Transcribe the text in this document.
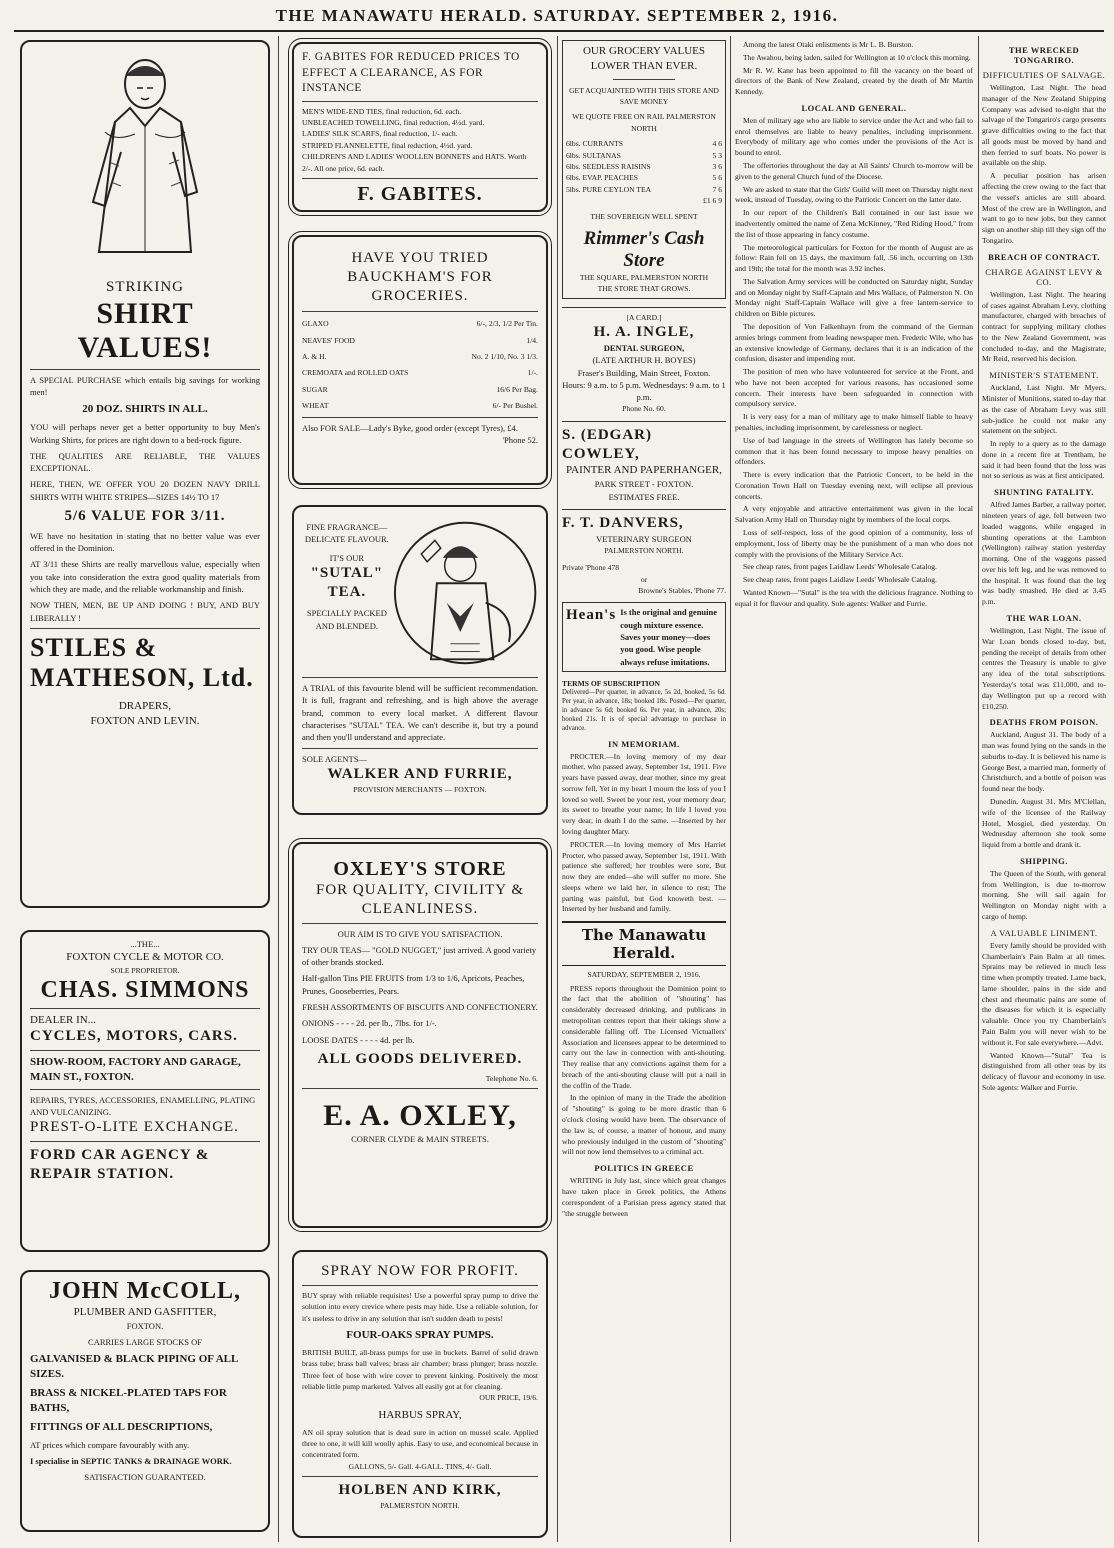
THE MANAWATU HERALD. SATURDAY. SEPTEMBER 2, 1916.
STRIKING
SHIRT VALUES!
A SPECIAL PURCHASE which entails big savings for working men!
20 DOZ. SHIRTS IN ALL.
YOU will perhaps never get a better opportunity to buy Men's Working Shirts, for prices are right down to a bed-rock figure.
THE QUALITIES ARE RELIABLE, THE VALUES EXCEPTIONAL.
HERE, THEN, WE OFFER YOU 20 DOZEN NAVY DRILL SHIRTS WITH WHITE STRIPES—SIZES 14½ TO 17
5/6 VALUE FOR 3/11.
WE have no hesitation in stating that no better value was ever offered in the Dominion.
AT 3/11 these Shirts are really marvellous value, especially when you take into consideration the extra good quality materials from which they are made, and the reliable workmanship and finish.
NOW THEN, MEN, BE UP AND DOING ! BUY, AND BUY LIBERALLY !
STILES &
MATHESON, Ltd.
DRAPERS,
FOXTON AND LEVIN.
...THE...
FOXTON CYCLE & MOTOR CO.
SOLE PROPRIETOR.
CHAS. SIMMONS
DEALER IN...
CYCLES, MOTORS, CARS.
SHOW-ROOM, FACTORY AND GARAGE, MAIN ST., FOXTON.
REPAIRS, TYRES, ACCESSORIES, ENAMELLING, PLATING AND VULCANIZING.
PREST-O-LITE EXCHANGE.
FORD CAR AGENCY & REPAIR STATION.
JOHN McCOLL,
PLUMBER AND GASFITTER,
FOXTON.
CARRIES LARGE STOCKS OF
GALVANISED & BLACK PIPING OF ALL SIZES.
BRASS & NICKEL-PLATED TAPS FOR BATHS,
FITTINGS OF ALL DESCRIPTIONS,
AT prices which compare favourably with any.
I specialise in SEPTIC TANKS & DRAINAGE WORK.
SATISFACTION GUARANTEED.
F. GABITES FOR REDUCED PRICES TO EFFECT A CLEARANCE, AS FOR INSTANCE
MEN'S WIDE-END TIES, final reduction, 6d. each.
UNBLEACHED TOWELLING, final reduction, 4½d. yard.
LADIES' SILK SCARFS, final reduction, 1/- each.
STRIPED FLANNELETTE, final reduction, 4½d. yard.
CHILDREN'S AND LADIES' WOOLLEN BONNETS and HATS. Worth 2/-. All one price, 6d. each.
F. GABITES.
HAVE YOU TRIED BAUCKHAM'S FOR GROCERIES.
GLAXO	6/-, 2/3, 1/2 Per Tin.
NEAVES' FOOD	1/4.
A. & H.	No. 2 1/10, No. 3 1/3.
CREMOATA and ROLLED OATS	1/-.
SUGAR	16/6 Per Bag.
WHEAT	6/- Per Bushel.
Also FOR SALE—Lady's Byke, good order (except Tyres), £4.
'Phone 52.
FINE FRAGRANCE—DELICATE FLAVOUR.
IT'S OUR
"SUTAL" TEA.
SPECIALLY PACKED AND BLENDED.
A TRIAL of this favourite blend will be sufficient recommendation. It is full, fragrant and refreshing, and is high above the average brand, common to every local market. A different flavour characterises "SUTAL" TEA. We can't describe it, but try a pound and then you'll understand and appreciate.
SOLE AGENTS—
WALKER AND FURRIE,
PROVISION MERCHANTS — FOXTON.
OXLEY'S STORE
FOR QUALITY, CIVILITY & CLEANLINESS.
OUR AIM IS TO GIVE YOU SATISFACTION.
TRY OUR TEAS— "GOLD NUGGET," just arrived. A good variety of other brands stocked.
Half-gallon Tins PIE FRUITS from 1/3 to 1/6, Apricots, Peaches, Prunes, Gooseberries, Pears.
FRESH ASSORTMENTS OF BISCUITS AND CONFECTIONERY.
ONIONS - - - - 2d. per lb., 7lbs. for 1/-.
LOOSE DATES - - - - 4d. per lb.
ALL GOODS DELIVERED.
Telephone No. 6.
E. A. OXLEY,
CORNER CLYDE & MAIN STREETS.
SPRAY NOW FOR PROFIT.
BUY spray with reliable requisites! Use a powerful spray pump to drive the solution into every crevice where pests may hide. Use a reliable solution, for it's useless to drive in any solution that isn't sudden death to pests!
FOUR-OAKS SPRAY PUMPS.
BRITISH BUILT, all-brass pumps for use in buckets. Barrel of solid drawn brass tube; brass ball valves; brass air chamber; brass plunger; brass nozzle. Three feet of hose with wire cover to prevent kinking. Positively the most reliable little pump marketed. Valves all easily got at for cleaning.
OUR PRICE, 19/6.
HARBUS SPRAY,
AN oil spray solution that is dead sure in action on mussel scale. Applied three to one, it will kill woolly aphis. Easy to use, and economical because in concentrated form.
GALLONS, 5/- Gall. 4-GALL. TINS, 4/- Gall.
HOLBEN AND KIRK,
PALMERSTON NORTH.
OUR GROCERY VALUES LOWER THAN EVER.
GET ACQUAINTED WITH THIS STORE AND SAVE MONEY
WE QUOTE FREE ON RAIL PALMERSTON NORTH
6lbs. CURRANTS	4 6
6lbs. SULTANAS	5 3
6lbs. SEEDLESS RAISINS	3 6
6lbs. EVAP. PEACHES	5 6
5lbs. PURE CEYLON TEA	7 6
£1 6 9
THE SOVEREIGN WELL SPENT
Rimmer's Cash Store
THE SQUARE, PALMERSTON NORTH
THE STORE THAT GROWS.
[A CARD.]
H. A. INGLE,
DENTAL SURGEON,
(LATE ARTHUR H. BOYES)
Fraser's Building, Main Street, Foxton.
Hours: 9 a.m. to 5 p.m. Wednesdays: 9 a.m. to 1 p.m.
Phone No. 60.
S. (EDGAR) COWLEY,
PAINTER AND PAPERHANGER,
PARK STREET - FOXTON.
ESTIMATES FREE.
F. T. DANVERS,
VETERINARY SURGEON
PALMERSTON NORTH.
Private 'Phone 478
or
Browne's Stables, 'Phone 77.
Hean's Is the original and genuine cough mixture essence. Saves your money—does you good. Wise people always refuse imitations.
TERMS OF SUBSCRIPTION
Delivered—Per quarter, in advance, 5s 2d, booked, 5s 6d. Per year, in advance, 18s; booked 18s. Posted—Per quarter, in advance 5s 6d; booked 6s. Per year, in advance, 20s; booked 21s. It is of special advantage to purchase in advance.
IN MEMORIAM.

PROCTER.—In loving memory of my dear mother, who passed away, September 1st, 1911. Five years have passed away, dear mother, since my great sorrow fell, Yet in my heart I mourn the loss of you I loved so well. Sweet be your rest, your memory dear; its sweet to breathe your name; In life I loved you very dear, in death I do the same. —Inserted by her loving daughter Mary.

PROCTER.—In loving memory of Mrs Harriet Procter, who passed away, September 1st, 1911. With patience she suffered; her troubles were sore, But now they are ended—she will suffer no more. She sleeps where we laid her, in silence to rest; The parting was painful, but God knoweth best. —Inserted by her husband and family.

The Manawatu Herald.
SATURDAY, SEPTEMBER 2, 1916.

PRESS reports throughout the Dominion point to the fact that the abolition of "shouting" has considerably decreased drinking, and publicans in metropolitan centres report that their takings show a considerable falling off. The Licensed Victuallers' Association and licensees appear to be determined to carry out the law in connection with anti-shouting. They realise that any convictions against them for a breach of the anti-shouting clause will put a nail in the coffin of the Trade.

In the opinion of many in the Trade the abolition of "shouting" is going to be more drastic than 6 o'clock closing would have been. The observance of the law is, of course, a matter of honour, and many who previously indulged in the custom of "shouting" will not now lend themselves to a criminal act.

POLITICS IN GREECE

WRITING in July last, since which great changes have taken place in Greek politics, the Athens correspondent of a Parisian press agency stated that "the struggle between

Among the latest Otaki enlistments is Mr L. B. Burston.

The Awahou, being laden, sailed for Wellington at 10 o'clock this morning.

Mr R. W. Kane has been appointed to fill the vacancy on the board of directors of the Bank of New Zealand, created by the death of Mr Martin Kennedy.

LOCAL AND GENERAL.

Men of military age who are liable to service under the Act and who fail to enrol themselves are liable to heavy penalties, including imprisonment. Everybody of military age who comes under the provisions of the Act is bound to enrol.

The offertories throughout the day at All Saints' Church to-morrow will be given to the general Church fund of the Diocese.

We are asked to state that the Girls' Guild will meet on Thursday night next week, instead of Tuesday, owing to the Patriotic Concert on the latter date.

In our report of the Children's Ball contained in our last issue we inadvertently omitted the name of Zena McKinney, "Red Riding Hood," from the list of those appearing in fancy costume.

The meteorological particulars for Foxton for the month of August are as follow: Rain fell on 15 days, the maximum fall, .56 inch, occurring on 13th and 19th; the total for the month was 3.92 inches.

The Salvation Army services will be conducted on Saturday night, Sunday and on Monday night by Staff-Captain and Mrs Wallace, of Palmerston N. On Monday night Staff-Captain Wallace will give a free lantern-service to children on Bible pictures.

The deposition of Von Falkenhayn from the command of the German armies brings comment from leading newspaper men. Frederic Wile, who has an extensive knowledge of Germany, declares that it is an indication of the confusion, disaster and impending rout.

The position of men who have volunteered for service at the Front, and who have not been accepted for various reasons, has occasioned some concern. Their interests have been safeguarded in connection with compulsory service.

It is very easy for a man of military age to make himself liable to heavy penalties, including imprisonment, by carelessness or neglect.

Use of bad language in the streets of Wellington has lately become so common that it has been found necessary to impose heavy penalties on offenders.

There is every indication that the Patriotic Concert, to be held in the Coronation Town Hall on Tuesday evening next, will eclipse all previous concerts.

A very enjoyable and attractive entertainment was given in the local Salvation Army Hall on Thursday night by members of the local corps.

Loss of self-respect, loss of the good opinion of a community, loss of employment, loss of liberty may be the punishment of a man who does not comply with the provisions of the Military Service Act.

See cheap rates, front pages Laidlaw Leeds' Wholesale Catalog.

See cheap rates, front pages Laidlaw Leeds' Wholesale Catalog.

Wanted Known—"Sutal" is the tea with the delicious fragrance. Nothing to equal it for flavour and quality. Sole agents: Walker and Furrie.

THE WRECKED TONGARIRO.
DIFFICULTIES OF SALVAGE.

Wellington, Last Night. The head manager of the New Zealand Shipping Company was advised to-night that the salvage of the Tongariro's cargo presents grave difficulties owing to the fact that all goods must be moved by hand and then ferried to surf boats. No power is available on the ship.

A peculiar position has arisen affecting the crew owing to the fact that the vessel's articles are still aboard. Most of the crew are in Wellington, and want to go to new jobs, but they cannot sign on another ship till they sign off the Tongariro.

BREACH OF CONTRACT.
CHARGE AGAINST LEVY & CO.

Wellington, Last Night. The hearing of cases against Abraham Levy, clothing manufacturer, charged with breaches of contract for supplying military clothes to the New Zealand Government, was concluded to-day, and the Magistrate, Mr Reid, reserved his decision.

MINISTER'S STATEMENT.

Auckland, Last Night. Mr Myers, Minister of Munitions, stated to-day that as the case of Abraham Levy was still sub-judice he could not make any statement on the subject.

In reply to a query as to the damage done in a recent fire at Trentham, he said it had been found that the loss was not so serious as was at first anticipated.

SHUNTING FATALITY.

Alfred James Barber, a railway porter, nineteen years of age, fell between two loaded waggons, while engaged in shunting operations at the Lambton (Wellington) railway station yesterday morning. One of the waggons passed over his left leg, and he was removed to the hospital. It was found that the leg was badly smashed. He died at 3.45 p.m.

THE WAR LOAN.

Wellington, Last Night. The issue of War Loan bonds closed to-day, but, pending the receipt of details from other centres the Treasury is unable to give any idea of the total subscriptions. Yesterday's total was £11,000, and to-day Wellington put up a record with £10,250.

DEATHS FROM POISON.

Auckland, August 31. The body of a man was found lying on the sands in the suburbs to-day. It is believed his name is George Best, a married man, formerly of Christchurch, and a bottle of poison was found near the body.

Dunedin, August 31. Mrs M'Clellan, wife of the licensee of the Railway Hotel, Mosgiel, died yesterday. On Wednesday afternoon she took some liquid from a bottle and drank it.

SHIPPING.

The Queen of the South, with general from Wellington, is due to-morrow morning. She will sail again for Wellington on Monday night with a cargo of hemp.

A VALUABLE LINIMENT.

Every family should be provided with Chamberlain's Pain Balm at all times. Sprains may be relieved in much less time when promptly treated. Lame back, lame shoulder, pains in the side and chest and rheumatic pains are some of the diseases for which it is especially valuable. Once you try Chamberlain's Pain Balm you will never wish to be without it. For sale everywhere.—Advt.

Wanted Known—"Sutal" Tea is distinguished from all other teas by its delicacy of flavour and economy in use. Sole agents: Walker and Furrie.
